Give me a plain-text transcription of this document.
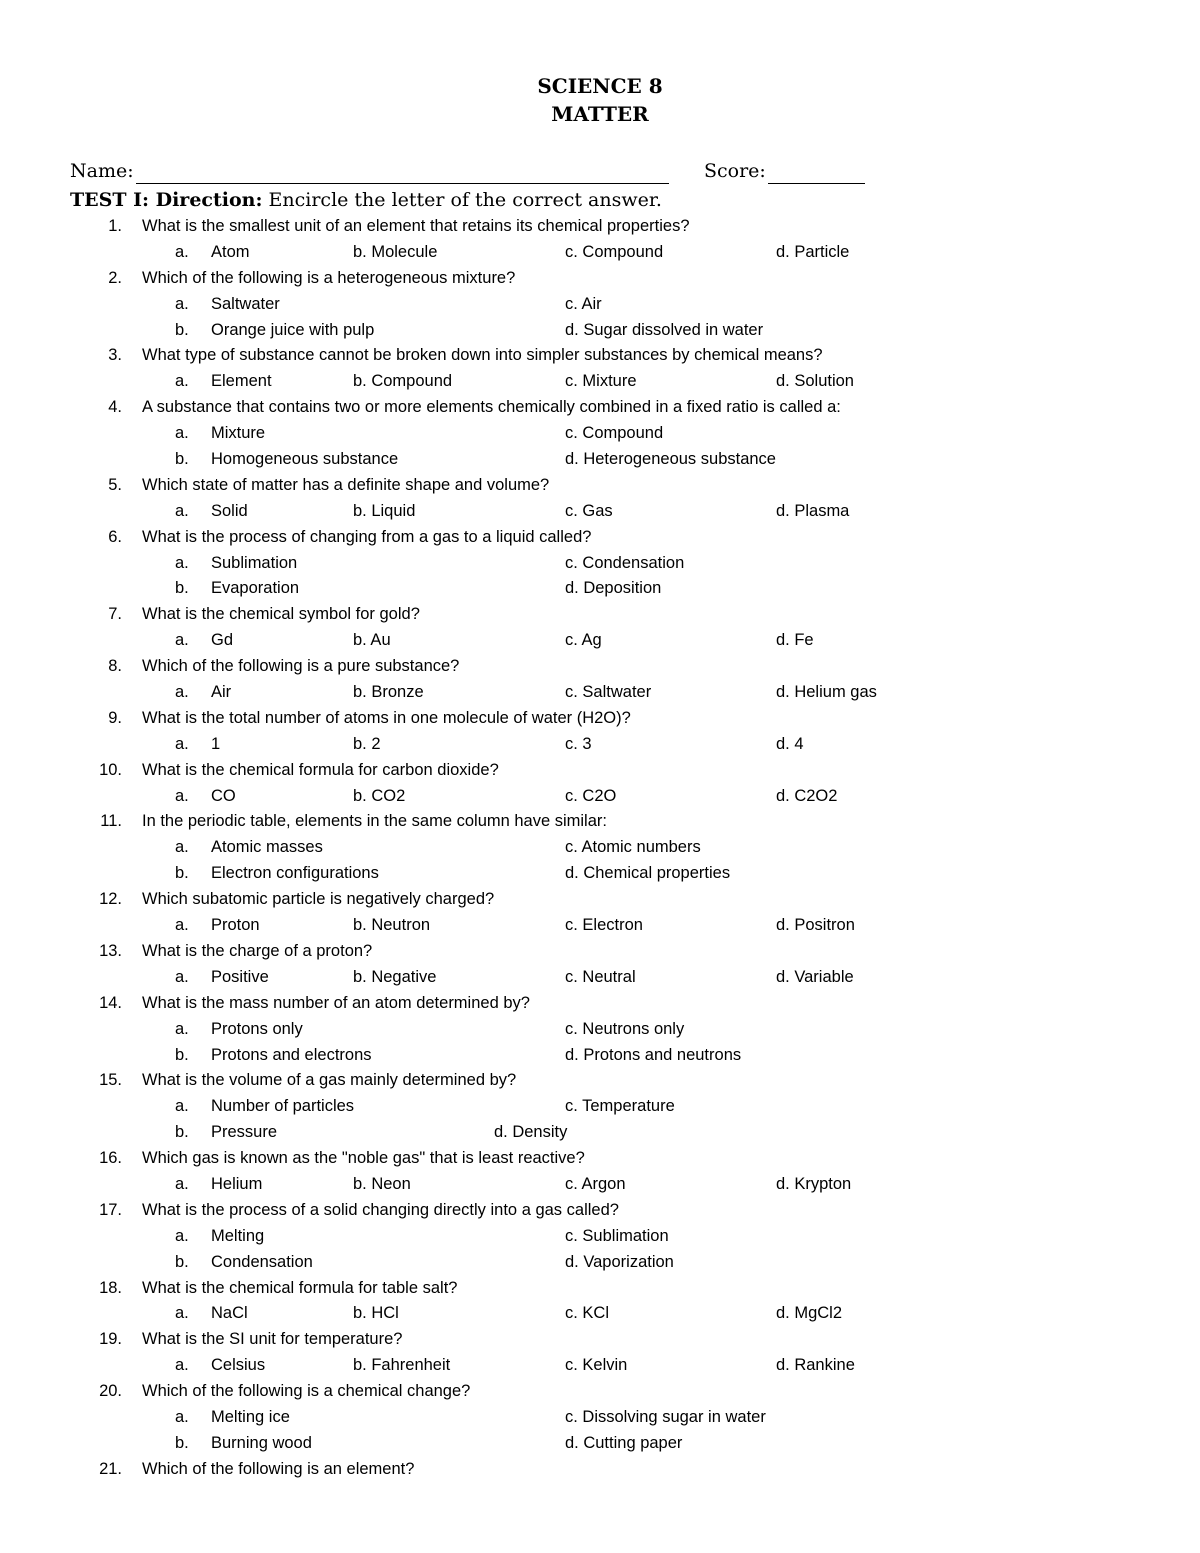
SCIENCE 8
MATTER
Name:	Score:
TEST I: Direction: Encircle the letter of the correct answer.
1. What is the smallest unit of an element that retains its chemical properties?
a.	Atom	b. Molecule	c. Compound	d. Particle
2. Which of the following is a heterogeneous mixture?
a.	Saltwater	c. Air
b.	Orange juice with pulp	d. Sugar dissolved in water
3. What type of substance cannot be broken down into simpler substances by chemical means?
a.	Element	b. Compound	c. Mixture	d. Solution
4. A substance that contains two or more elements chemically combined in a fixed ratio is called a:
a.	Mixture	c. Compound
b.	Homogeneous substance	d. Heterogeneous substance
5. Which state of matter has a definite shape and volume?
a.	Solid	b. Liquid	c. Gas	d. Plasma
6. What is the process of changing from a gas to a liquid called?
a.	Sublimation	c. Condensation
b.	Evaporation	d. Deposition
7. What is the chemical symbol for gold?
a.	Gd	b. Au	c. Ag	d. Fe
8. Which of the following is a pure substance?
a.	Air	b. Bronze	c. Saltwater	d. Helium gas
9. What is the total number of atoms in one molecule of water (H2O)?
a.	1	b. 2	c. 3	d. 4
10. What is the chemical formula for carbon dioxide?
a.	CO	b. CO2	c. C2O	d. C2O2
11. In the periodic table, elements in the same column have similar:
a.	Atomic masses	c. Atomic numbers
b.	Electron configurations	d. Chemical properties
12. Which subatomic particle is negatively charged?
a.	Proton	b. Neutron	c. Electron	d. Positron
13. What is the charge of a proton?
a.	Positive	b. Negative	c. Neutral	d. Variable
14. What is the mass number of an atom determined by?
a.	Protons only	c. Neutrons only
b.	Protons and electrons	d. Protons and neutrons
15. What is the volume of a gas mainly determined by?
a.	Number of particles	c. Temperature
b.	Pressure	d. Density
16. Which gas is known as the "noble gas" that is least reactive?
a.	Helium	b. Neon	c. Argon	d. Krypton
17. What is the process of a solid changing directly into a gas called?
a.	Melting	c. Sublimation
b.	Condensation	d. Vaporization
18. What is the chemical formula for table salt?
a.	NaCl	b. HCl	c. KCl	d. MgCl2
19. What is the SI unit for temperature?
a.	Celsius	b. Fahrenheit	c. Kelvin	d. Rankine
20. Which of the following is a chemical change?
a.	Melting ice	c. Dissolving sugar in water
b.	Burning wood	d. Cutting paper
21. Which of the following is an element?
